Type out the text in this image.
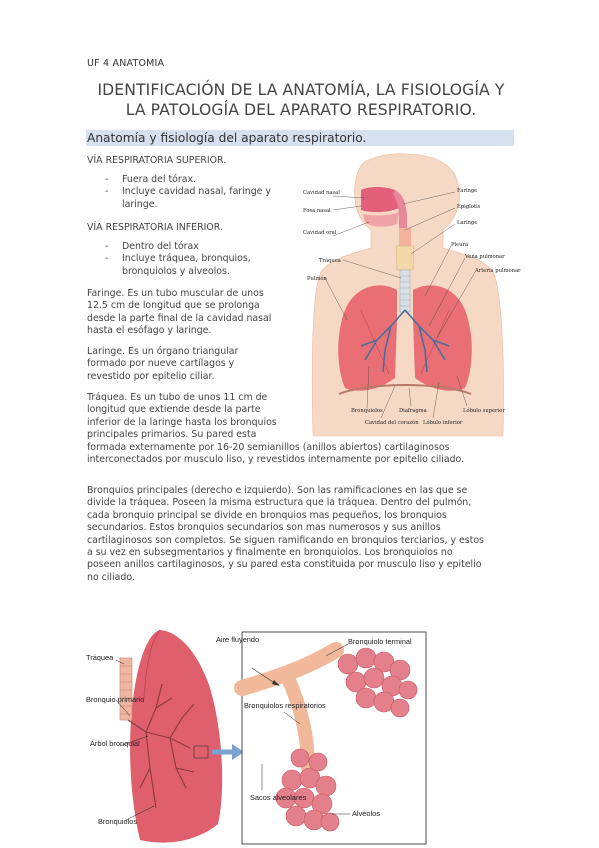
UF 4 ANATOMIA
IDENTIFICACIÓN DE LA ANATOMÍA, LA FISIOLOGÍA Y
LA PATOLOGÍA DEL APARATO RESPIRATORIO.
Anatomía y fisiología del aparato respiratorio.
VÍA RESPIRATORIA SUPERIOR.
- Fuera del tórax.
- Incluye cavidad nasal, faringe y laringe.
VÍA RESPIRATORIA INFERIOR.
- Dentro del tórax
- Incluye tráquea, bronquios, bronquiolos y alveolos.
Faringe. Es un tubo muscular de unos
12.5 cm de longitud que se prolonga
desde la parte final de la cavidad nasal
hasta el esófago y laringe.
Laringe. Es un órgano triangular
formado por nueve cartílagos y
revestido por epitelio ciliar.
Tráquea. Es un tubo de unos 11 cm de
longitud que extiende desde la parte
inferior de la laringe hasta los bronquios
principales primarios. Su pared esta
formada externamente por 16-20 semianillos (anillos abiertos) cartilaginosos
interconectados por musculo liso, y revestidos internamente por epitelio ciliado.
Bronquios principales (derecho e izquierdo). Son las ramificaciones en las que se
divide la tráquea. Poseen la misma estructura que la tráquea. Dentro del pulmón,
cada bronquio principal se divide en bronquios mas pequeños, los bronquios
secundarios. Estos bronquios secundarios son mas numerosos y sus anillos
cartilaginosos son completos. Se siguen ramificando en bronquios terciarios, y estos
a su vez en subsegmentarios y finalmente en bronquiolos. Los bronquiolos no
poseen anillos cartilaginosos, y su pared esta constituida por musculo liso y epitelio
no ciliado.
Cavidad nasal
Fosa nasal
Cavidad oral
Faringe
Epiglotis
Laringe
Tráquea
Pulmón
Pleura
Vena pulmonar
Arteria pulmonar
Bronquiolos	Diafragma
Cavidad del corazón Lóbulo inferior
Lóbulo superior
Tráquea
Bronquio primario
Árbol bronquial
Bronquiolos
Aire fluyendo	Bronquiolo terminal
Bronquiolos respiratorios
Sacos alveolares
Alvéolos
